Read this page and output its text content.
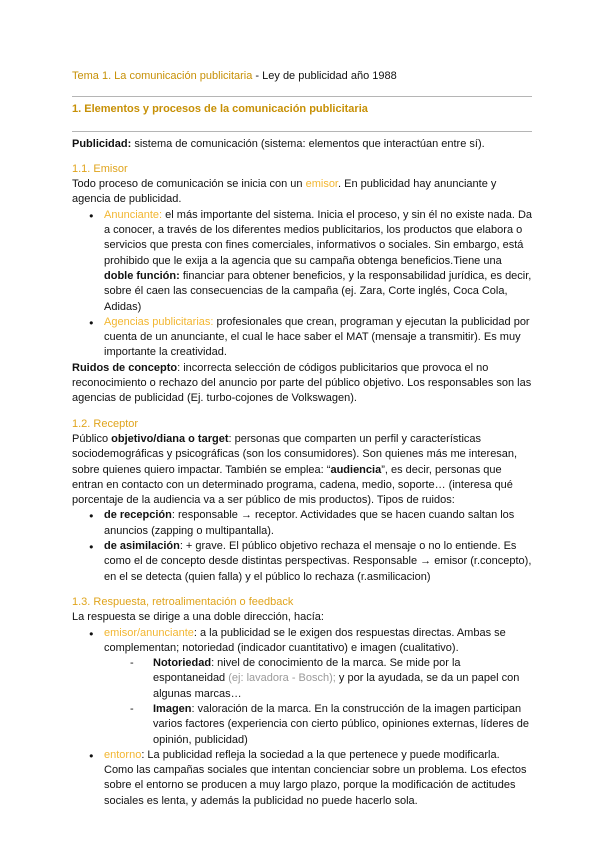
Tema 1. La comunicación publicitaria - Ley de publicidad año 1988
1. Elementos y procesos de la comunicación publicitaria

Publicidad: sistema de comunicación (sistema: elementos que interactúan entre sí).

1.1. Emisor

Todo proceso de comunicación se inicia con un emisor. En publicidad hay anunciante y agencia de publicidad.

● Anunciante: el más importante del sistema. Inicia el proceso, y sin él no existe nada. Da a conocer, a través de los diferentes medios publicitarios, los productos que elabora o servicios que presta con fines comerciales, informativos o sociales. Sin embargo, está prohibido que le exija a la agencia que su campaña obtenga beneficios.Tiene una doble función: financiar para obtener beneficios, y la responsabilidad jurídica, es decir, sobre él caen las consecuencias de la campaña (ej. Zara, Corte inglés, Coca Cola, Adidas)
● Agencias publicitarias: profesionales que crean, programan y ejecutan la publicidad por cuenta de un anunciante, el cual le hace saber el MAT (mensaje a transmitir). Es muy importante la creatividad.

Ruidos de concepto: incorrecta selección de códigos publicitarios que provoca el no reconocimiento o rechazo del anuncio por parte del público objetivo. Los responsables son las agencias de publicidad (Ej. turbo-cojones de Volkswagen).

1.2. Receptor

Público objetivo/diana o target: personas que comparten un perfil y características sociodemográficas y psicográficas (son los consumidores). Son quienes más me interesan, sobre quienes quiero impactar. También se emplea: “audiencia”, es decir, personas que entran en contacto con un determinado programa, cadena, medio, soporte… (interesa qué porcentaje de la audiencia va a ser público de mis productos). Tipos de ruidos:

● de recepción: responsable → receptor. Actividades que se hacen cuando saltan los anuncios (zapping o multipantalla).
● de asimilación: + grave. El público objetivo rechaza el mensaje o no lo entiende. Es como el de concepto desde distintas perspectivas. Responsable → emisor (r.concepto), en el se detecta (quien falla) y el público lo rechaza (r.asmilicacion)
1.3. Respuesta, retroalimentación o feedback

La respuesta se dirige a una doble dirección, hacía:

● emisor/anunciante: a la publicidad se le exigen dos respuestas directas. Ambas se complementan; notoriedad (indicador cuantitativo) e imagen (cualitativo).
- Notoriedad: nivel de conocimiento de la marca. Se mide por la espontaneidad (ej: lavadora - Bosch); y por la ayudada, se da un papel con algunas marcas…
- Imagen: valoración de la marca. En la construcción de la imagen participan varios factores (experiencia con cierto público, opiniones externas, líderes de opinión, publicidad)
● entorno: La publicidad refleja la sociedad a la que pertenece y puede modificarla. Como las campañas sociales que intentan concienciar sobre un problema. Los efectos sobre el entorno se producen a muy largo plazo, porque la modificación de actitudes sociales es lenta, y además la publicidad no puede hacerlo sola.
